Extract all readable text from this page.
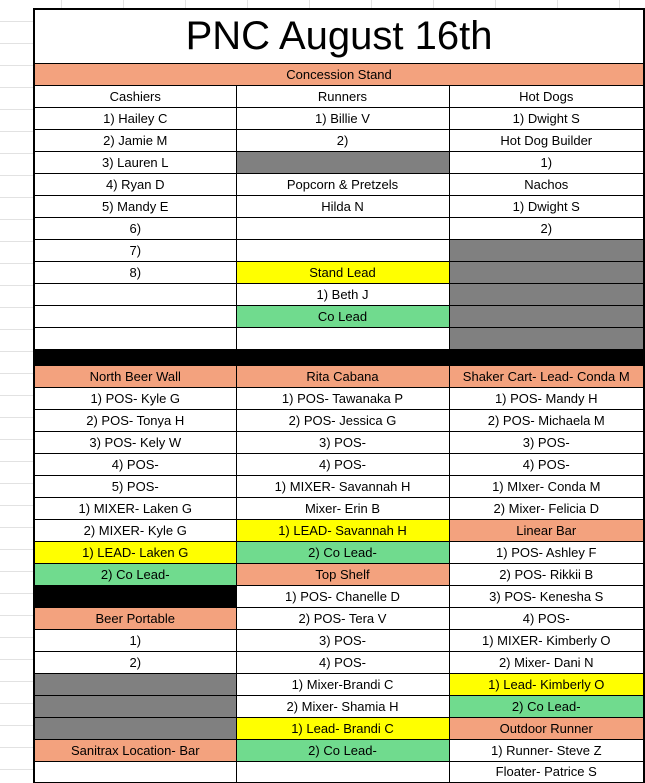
PNC August 16th		
Concession Stand		
Cashiers	Runners	Hot Dogs
1) Hailey C	1) Billie V	1) Dwight S
2) Jamie M	2)	Hot Dog Builder
3) Lauren L		1)
4) Ryan D	Popcorn & Pretzels	Nachos
5) Mandy E	Hilda N	1) Dwight S
6)		2)
7)		
8)	Stand Lead	
	1) Beth J	
	Co Lead	

North Beer Wall	Rita Cabana	Shaker Cart- Lead- Conda M
1) POS- Kyle G	1) POS- Tawanaka P	1) POS- Mandy H
2) POS- Tonya H	2) POS- Jessica G	2) POS- Michaela M
3) POS- Kely W	3) POS-	3) POS-
4) POS-	4) POS-	4) POS-
5) POS-	1) MIXER- Savannah H	1) MIxer- Conda M
1) MIXER- Laken G	Mixer- Erin B	2) Mixer- Felicia D
2) MIXER- Kyle G	1) LEAD- Savannah H	Linear Bar
1) LEAD- Laken G	2) Co Lead-	1) POS- Ashley F
2) Co Lead-	Top Shelf	2) POS- Rikkii B
	1) POS- Chanelle D	3) POS- Kenesha S
Beer Portable	2) POS- Tera V	4) POS-
1)	3) POS-	1) MIXER- Kimberly O
2)	4) POS-	2) Mixer- Dani N
	1) Mixer-Brandi C	1) Lead- Kimberly O
	2) Mixer- Shamia H	2) Co Lead-
	1) Lead- Brandi C	Outdoor Runner
Sanitrax Location- Bar	2) Co Lead-	1) Runner- Steve Z
		Floater- Patrice S
